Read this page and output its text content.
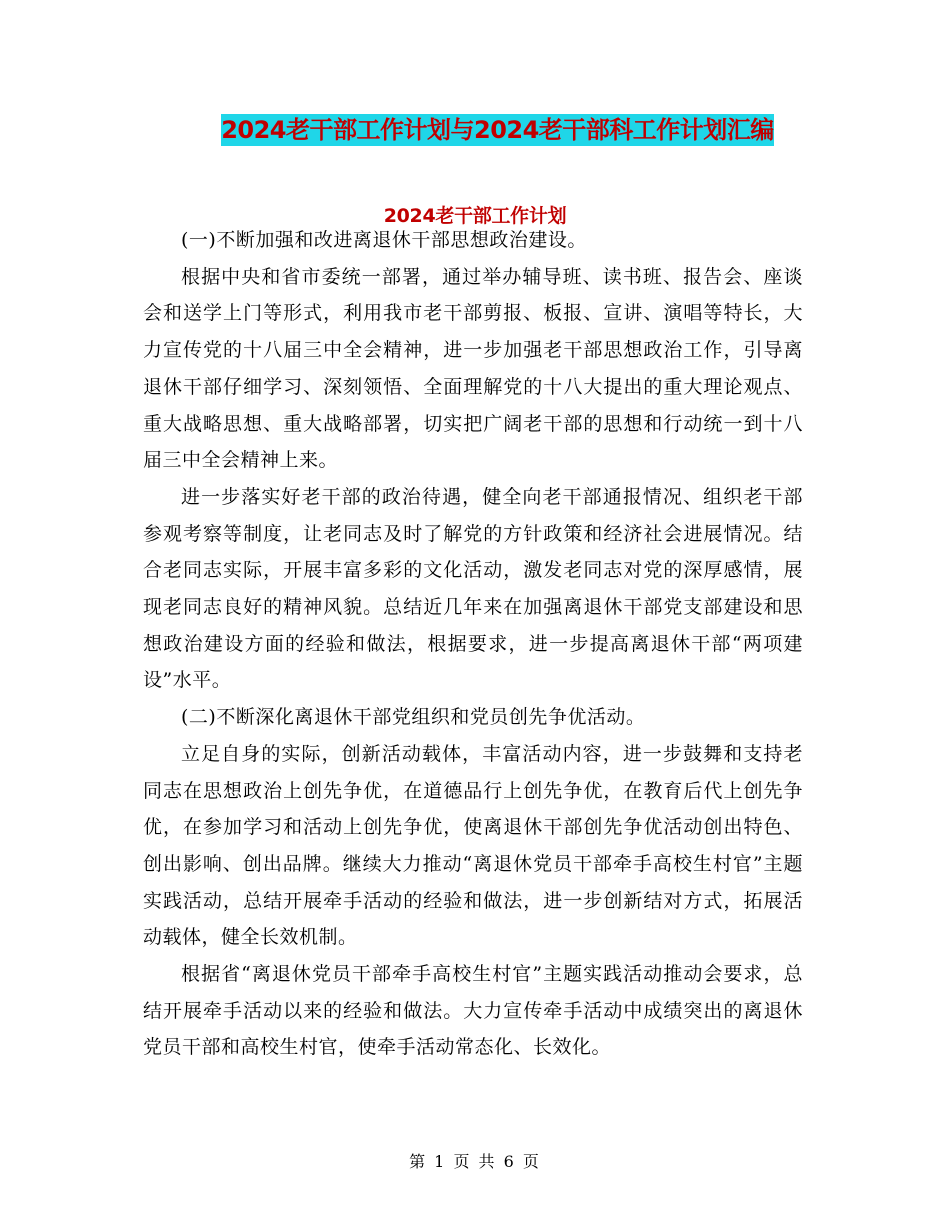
2024老干部工作计划与2024老干部科工作计划汇编
2024老干部工作计划

(一)不断加强和改进离退休干部思想政治建设。

根据中央和省市委统一部署，通过举办辅导班、读书班、报告会、座谈会和送学上门等形式，利用我市老干部剪报、板报、宣讲、演唱等特长，大力宣传党的十八届三中全会精神，进一步加强老干部思想政治工作，引导离退休干部仔细学习、深刻领悟、全面理解党的十八大提出的重大理论观点、重大战略思想、重大战略部署，切实把广阔老干部的思想和行动统一到十八届三中全会精神上来。

进一步落实好老干部的政治待遇，健全向老干部通报情况、组织老干部参观考察等制度，让老同志及时了解党的方针政策和经济社会进展情况。结合老同志实际，开展丰富多彩的文化活动，激发老同志对党的深厚感情，展现老同志良好的精神风貌。总结近几年来在加强离退休干部党支部建设和思想政治建设方面的经验和做法，根据要求，进一步提高离退休干部“两项建设”水平。

(二)不断深化离退休干部党组织和党员创先争优活动。

立足自身的实际，创新活动载体，丰富活动内容，进一步鼓舞和支持老同志在思想政治上创先争优，在道德品行上创先争优，在教育后代上创先争优，在参加学习和活动上创先争优，使离退休干部创先争优活动创出特色、创出影响、创出品牌。继续大力推动“离退休党员干部牵手高校生村官”主题实践活动，总结开展牵手活动的经验和做法，进一步创新结对方式，拓展活动载体，健全长效机制。

根据省“离退休党员干部牵手高校生村官”主题实践活动推动会要求，总结开展牵手活动以来的经验和做法。大力宣传牵手活动中成绩突出的离退休党员干部和高校生村官，使牵手活动常态化、长效化。

第 1 页 共 6 页
